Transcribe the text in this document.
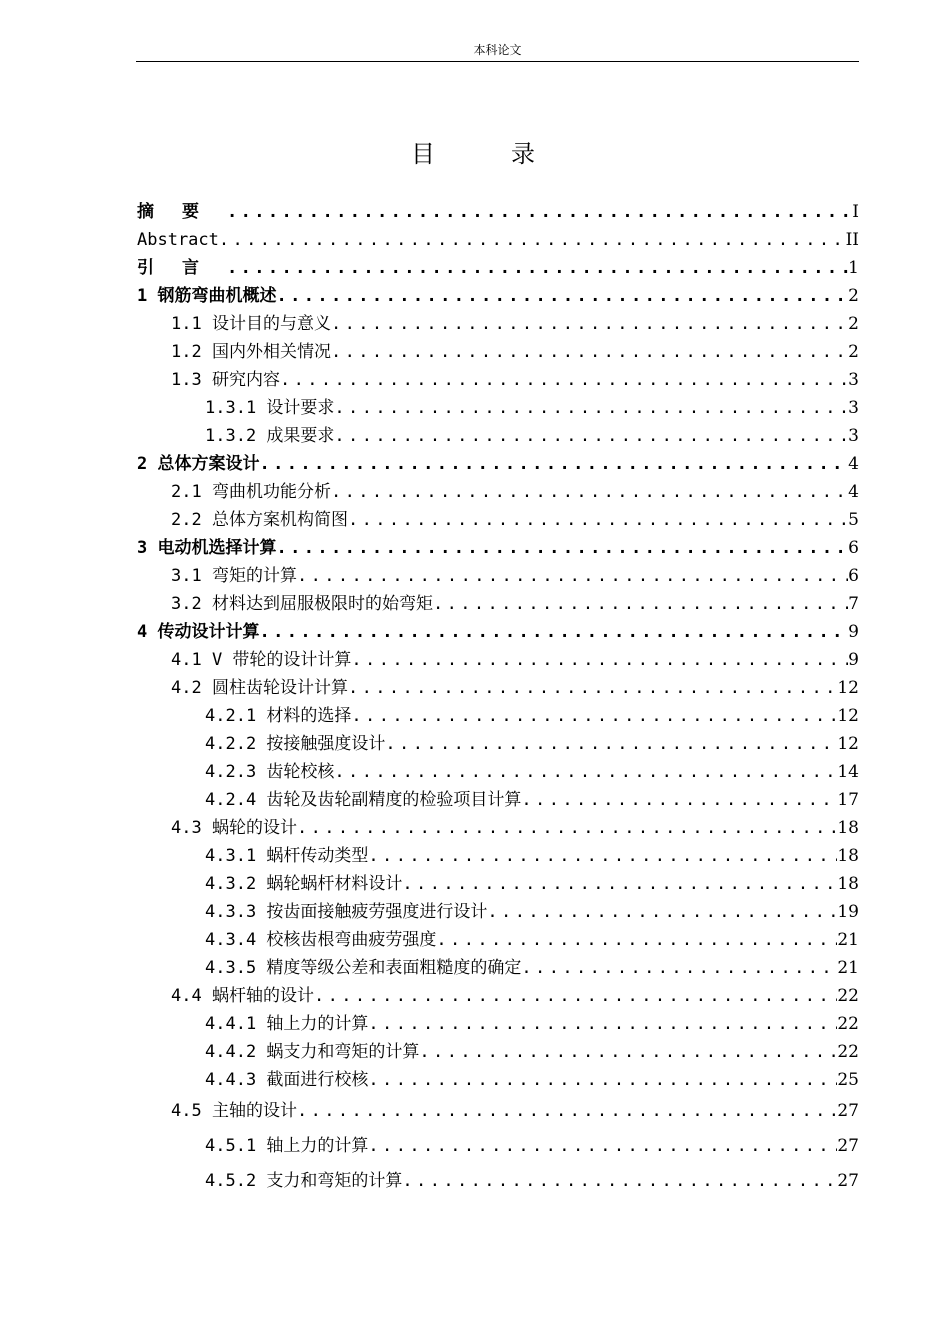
本科论文
目	录
摘要 .....	I
Abstract .....	II
引言 .....	1
1 钢筋弯曲机概述 .....	2
1.1 设计目的与意义 .....	2
1.2 国内外相关情况 .....	2
1.3 研究内容 .....	3
1.3.1 设计要求 .....	3
1.3.2 成果要求 .....	3
2 总体方案设计 .....	4
2.1 弯曲机功能分析 .....	4
2.2 总体方案机构简图 .....	5
3 电动机选择计算 .....	6
3.1 弯矩的计算 .....	6
3.2 材料达到屈服极限时的始弯矩 .....	7
4 传动设计计算 .....	9
4.1 V 带轮的设计计算 .....	9
4.2 圆柱齿轮设计计算 .....	12
4.2.1 材料的选择 .....	12
4.2.2 按接触强度设计 .....	12
4.2.3 齿轮校核 .....	14
4.2.4 齿轮及齿轮副精度的检验项目计算 .....	17
4.3 蜗轮的设计 .....	18
4.3.1 蜗杆传动类型 .....	18
4.3.2 蜗轮蜗杆材料设计 .....	18
4.3.3 按齿面接触疲劳强度进行设计 .....	19
4.3.4 校核齿根弯曲疲劳强度 .....	21
4.3.5 精度等级公差和表面粗糙度的确定 .....	21
4.4 蜗杆轴的设计 .....	22
4.4.1 轴上力的计算 .....	22
4.4.2 蜗支力和弯矩的计算 .....	22
4.4.3 截面进行校核 .....	25
4.5 主轴的设计 .....	27
4.5.1 轴上力的计算 .....	27
4.5.2 支力和弯矩的计算 .....	27
